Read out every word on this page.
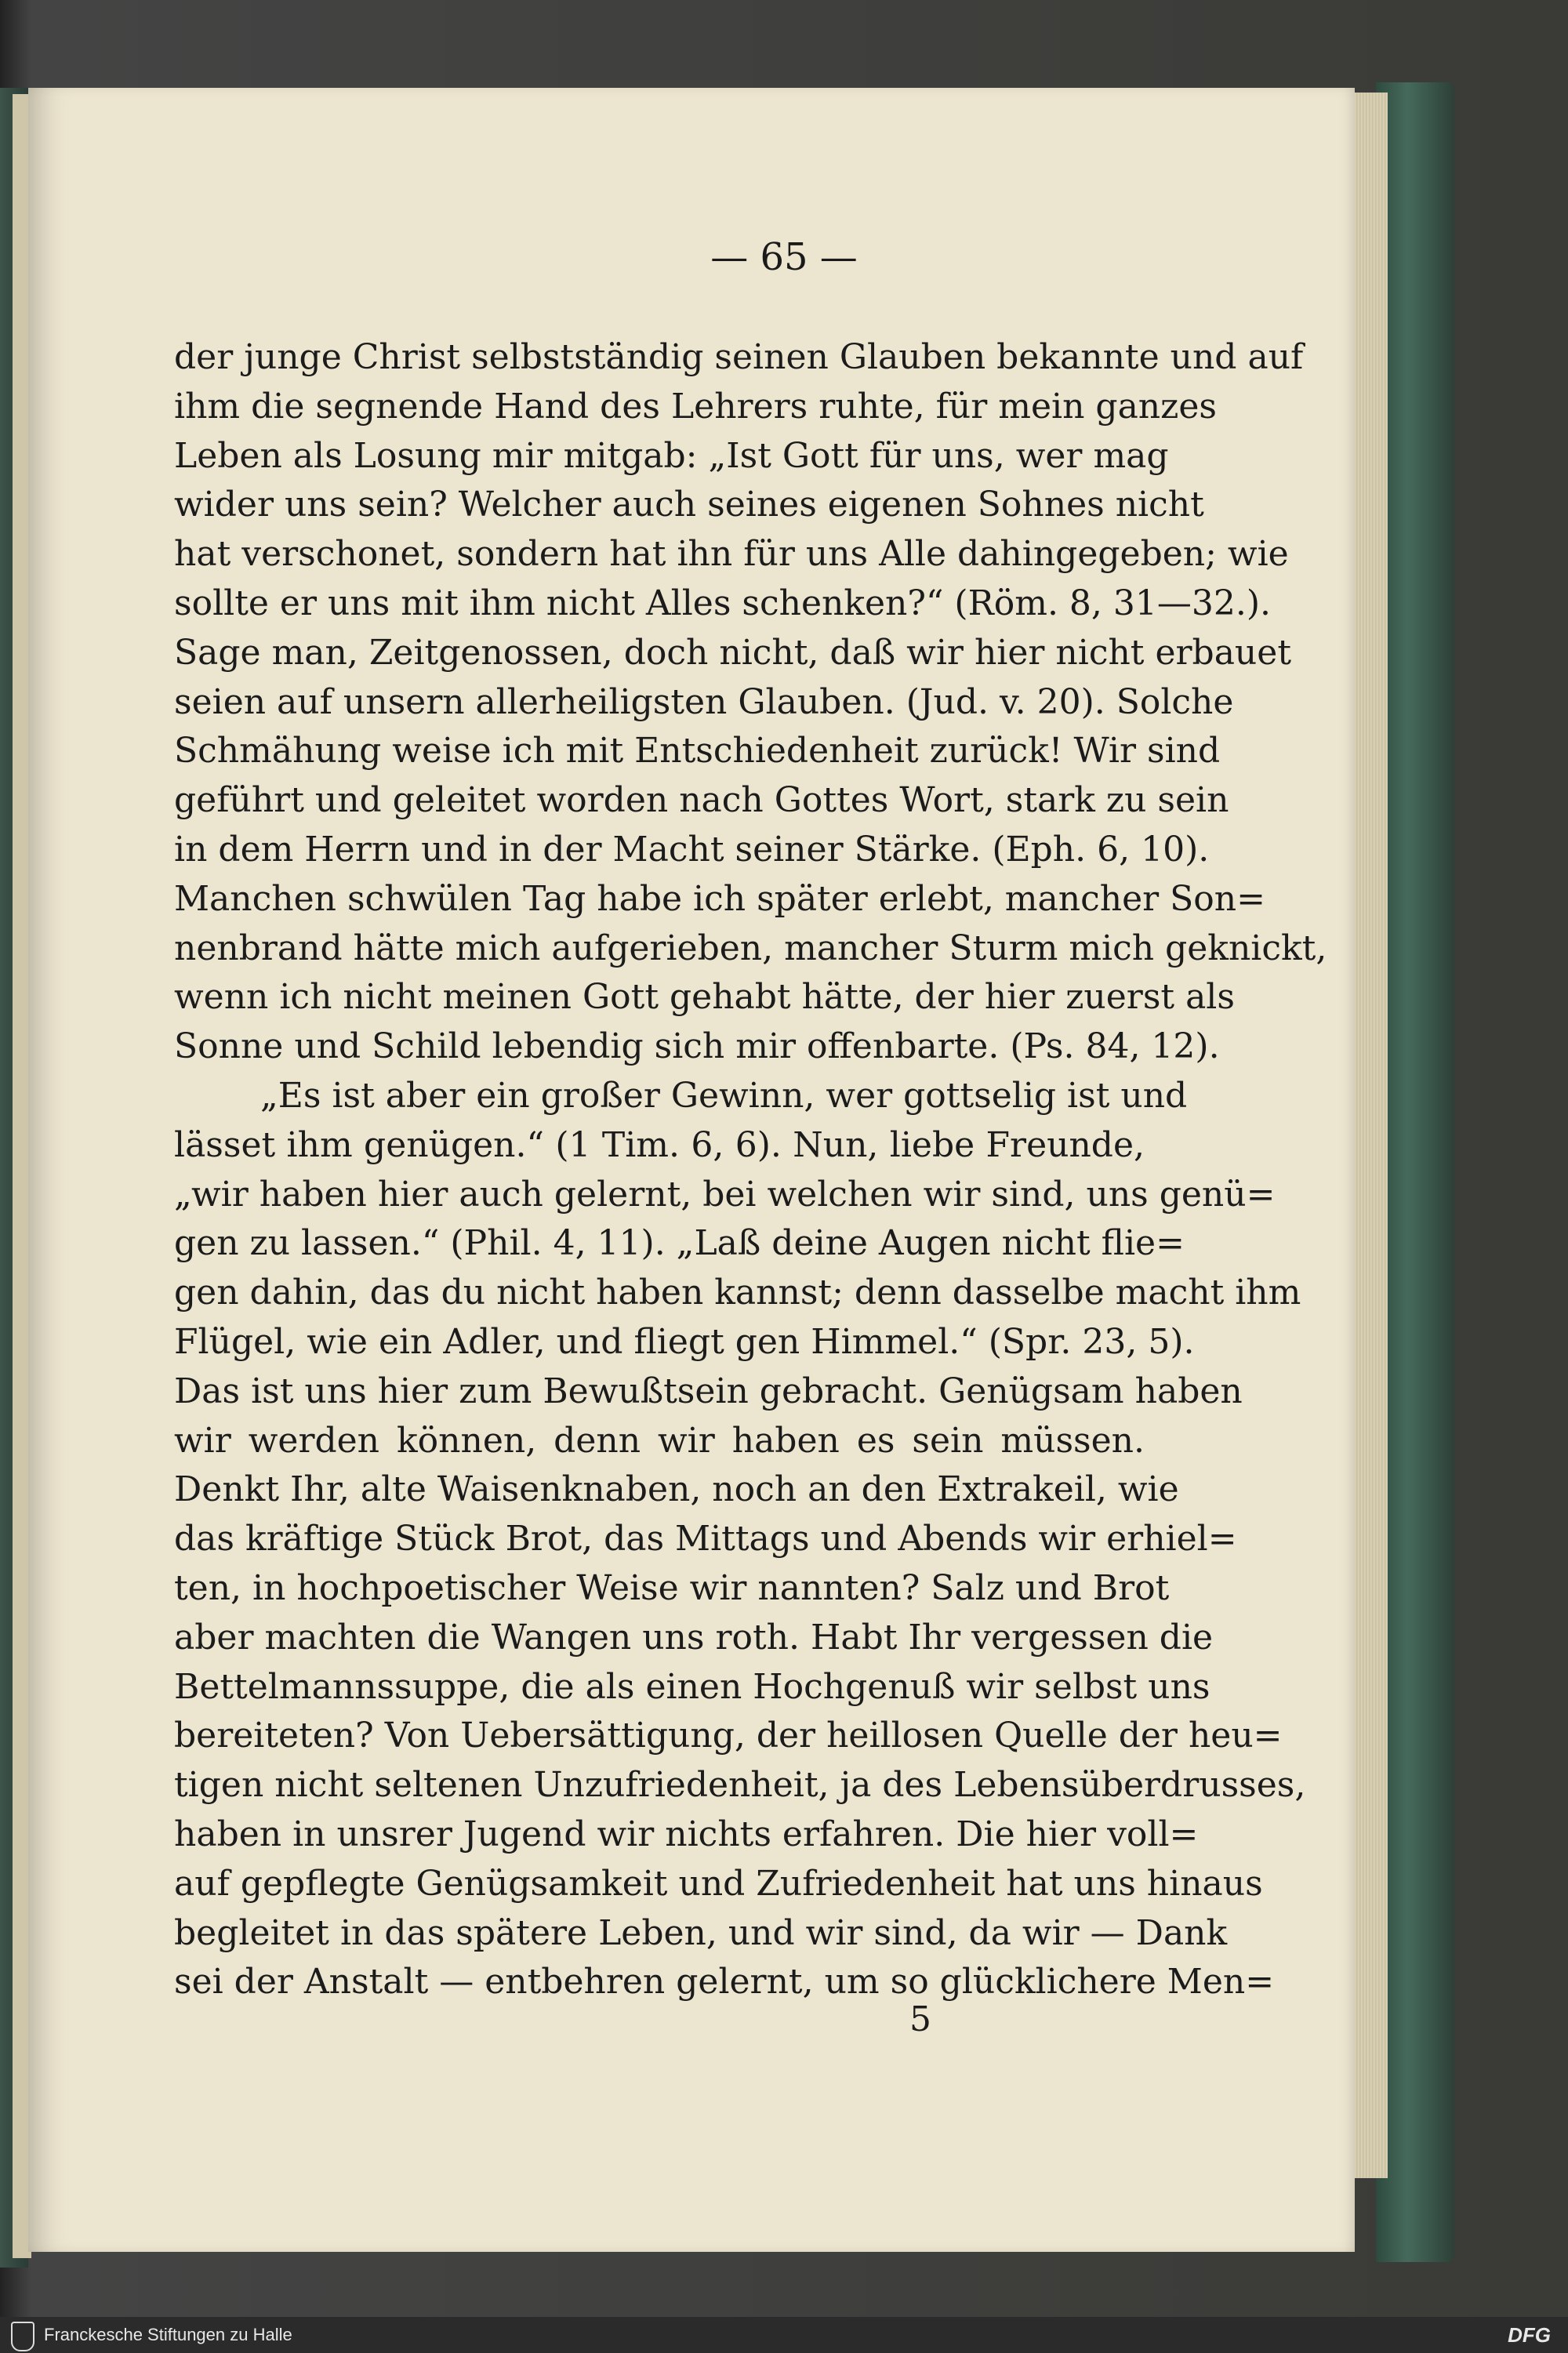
— 65 —
der junge Christ selbstständig seinen Glauben bekannte und auf
ihm die segnende Hand des Lehrers ruhte, für mein ganzes
Leben als Losung mir mitgab: „Ist Gott für uns, wer mag
wider uns sein? Welcher auch seines eigenen Sohnes nicht
hat verschonet, sondern hat ihn für uns Alle dahingegeben; wie
sollte er uns mit ihm nicht Alles schenken?“ (Röm. 8, 31—32.).
Sage man, Zeitgenossen, doch nicht, daß wir hier nicht erbauet
seien auf unsern allerheiligsten Glauben. (Jud. v. 20). Solche
Schmähung weise ich mit Entschiedenheit zurück! Wir sind
geführt und geleitet worden nach Gottes Wort, stark zu sein
in dem Herrn und in der Macht seiner Stärke. (Eph. 6, 10).
Manchen schwülen Tag habe ich später erlebt, mancher Son=
nenbrand hätte mich aufgerieben, mancher Sturm mich geknickt,
wenn ich nicht meinen Gott gehabt hätte, der hier zuerst als
Sonne und Schild lebendig sich mir offenbarte. (Ps. 84, 12).
„Es ist aber ein großer Gewinn, wer gottselig ist und
lässet ihm genügen.“ (1 Tim. 6, 6). Nun, liebe Freunde,
„wir haben hier auch gelernt, bei welchen wir sind, uns genü=
gen zu lassen.“ (Phil. 4, 11). „Laß deine Augen nicht flie=
gen dahin, das du nicht haben kannst; denn dasselbe macht ihm
Flügel, wie ein Adler, und fliegt gen Himmel.“ (Spr. 23, 5).
Das ist uns hier zum Bewußtsein gebracht. Genügsam haben
wir werden können, denn wir haben es sein müssen.
Denkt Ihr, alte Waisenknaben, noch an den Extrakeil, wie
das kräftige Stück Brot, das Mittags und Abends wir erhiel=
ten, in hochpoetischer Weise wir nannten? Salz und Brot
aber machten die Wangen uns roth. Habt Ihr vergessen die
Bettelmannssuppe, die als einen Hochgenuß wir selbst uns
bereiteten? Von Uebersättigung, der heillosen Quelle der heu=
tigen nicht seltenen Unzufriedenheit, ja des Lebensüberdrusses,
haben in unsrer Jugend wir nichts erfahren. Die hier voll=
auf gepflegte Genügsamkeit und Zufriedenheit hat uns hinaus
begleitet in das spätere Leben, und wir sind, da wir — Dank
sei der Anstalt — entbehren gelernt, um so glücklichere Men=
5
Franckesche Stiftungen zu Halle	DFG
